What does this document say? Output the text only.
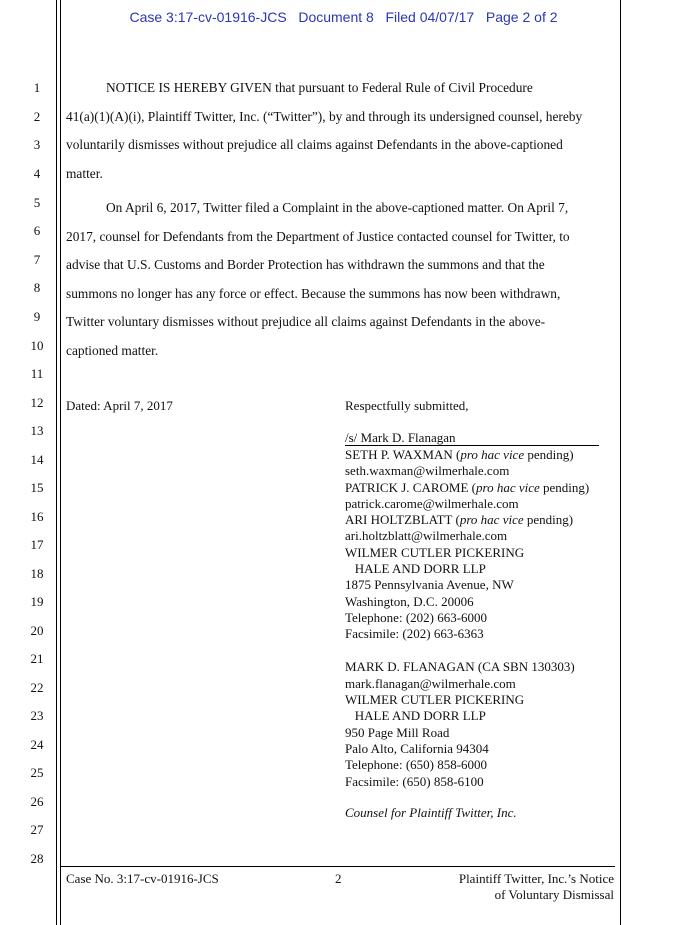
Case 3:17-cv-01916-JCS   Document 8   Filed 04/07/17   Page 2 of 2
1
2
3
4
5
6
7
8
9
10
11
12
13
14
15
16
17
18
19
20
21
22
23
24
25
26
27
28
NOTICE IS HEREBY GIVEN that pursuant to Federal Rule of Civil Procedure
41(a)(1)(A)(i), Plaintiff Twitter, Inc. (“Twitter”), by and through its undersigned counsel, hereby
voluntarily dismisses without prejudice all claims against Defendants in the above-captioned
matter.
On April 6, 2017, Twitter filed a Complaint in the above-captioned matter. On April 7,
2017, counsel for Defendants from the Department of Justice contacted counsel for Twitter, to
advise that U.S. Customs and Border Protection has withdrawn the summons and that the
summons no longer has any force or effect. Because the summons has now been withdrawn,
Twitter voluntary dismisses without prejudice all claims against Defendants in the above-
captioned matter.
Dated: April 7, 2017	Respectfully submitted,
/s/ Mark D. Flanagan
SETH P. WAXMAN (pro hac vice pending)
seth.waxman@wilmerhale.com
PATRICK J. CAROME (pro hac vice pending)
patrick.carome@wilmerhale.com
ARI HOLTZBLATT (pro hac vice pending)
ari.holtzblatt@wilmerhale.com
WILMER CUTLER PICKERING
HALE AND DORR LLP
1875 Pennsylvania Avenue, NW
Washington, D.C. 20006
Telephone: (202) 663-6000
Facsimile: (202) 663-6363
MARK D. FLANAGAN (CA SBN 130303)
mark.flanagan@wilmerhale.com
WILMER CUTLER PICKERING
HALE AND DORR LLP
950 Page Mill Road
Palo Alto, California 94304
Telephone: (650) 858-6000
Facsimile: (650) 858-6100
Counsel for Plaintiff Twitter, Inc.
Case No. 3:17-cv-01916-JCS	2	Plaintiff Twitter, Inc.’s Notice
of Voluntary Dismissal
